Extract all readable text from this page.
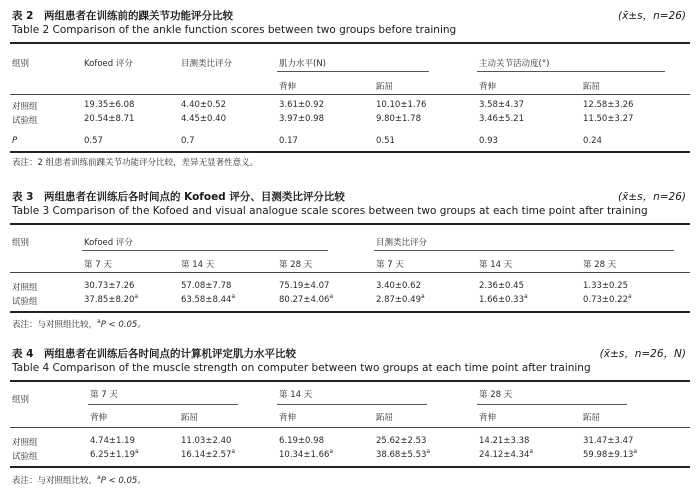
表 2　两组患者在训练前的踝关节功能评分比较	(x̄±s，n=26)
Table 2 Comparison of the ankle function scores between two groups before training
组别	Kofoed 评分	目测类比评分	肌力水平(N)	主动关节活动度(°)
背伸	跖屈	背伸	跖屈
对照组	19.35±6.08	4.40±0.52	3.61±0.92	10.10±1.76	3.58±4.37	12.58±3.26
试验组	20.54±8.71	4.45±0.40	3.97±0.98	9.80±1.78	3.46±5.21	11.50±3.27
P	0.57	0.7	0.17	0.51	0.93	0.24
表注：2 组患者训练前踝关节功能评分比较，差异无显著性意义。
表 3　两组患者在训练后各时间点的 Kofoed 评分、目测类比评分比较	(x̄±s，n=26)
Table 3 Comparison of the Kofoed and visual analogue scale scores between two groups at each time point after training
组别	Kofoed 评分	目测类比评分
第 7 天	第 14 天	第 28 天	第 7 天	第 14 天	第 28 天
对照组	30.73±7.26	57.08±7.78	75.19±4.07	3.40±0.62	2.36±0.45	1.33±0.25
试验组	37.85±8.20$^a$	63.58±8.44$^a$	80.27±4.06$^a$	2.87±0.49$^a$	1.66±0.33$^a$	0.73±0.22$^a$
表注：与对照组比较，$^a$P < 0.05。
表 4　两组患者在训练后各时间点的计算机评定肌力水平比较	(x̄±s，n=26，N)
Table 4 Comparison of the muscle strength on computer between two groups at each time point after training
组别	第 7 天	第 14 天	第 28 天
背伸	跖屈	背伸	跖屈	背伸	跖屈
对照组	4.74±1.19	11.03±2.40	6.19±0.98	25.62±2.53	14.21±3.38	31.47±3.47
试验组	6.25±1.19$^a$	16.14±2.57$^a$	10.34±1.66$^a$	38.68±5.53$^a$	24.12±4.34$^a$	59.98±9.13$^a$
表注：与对照组比较，$^a$P < 0.05。
